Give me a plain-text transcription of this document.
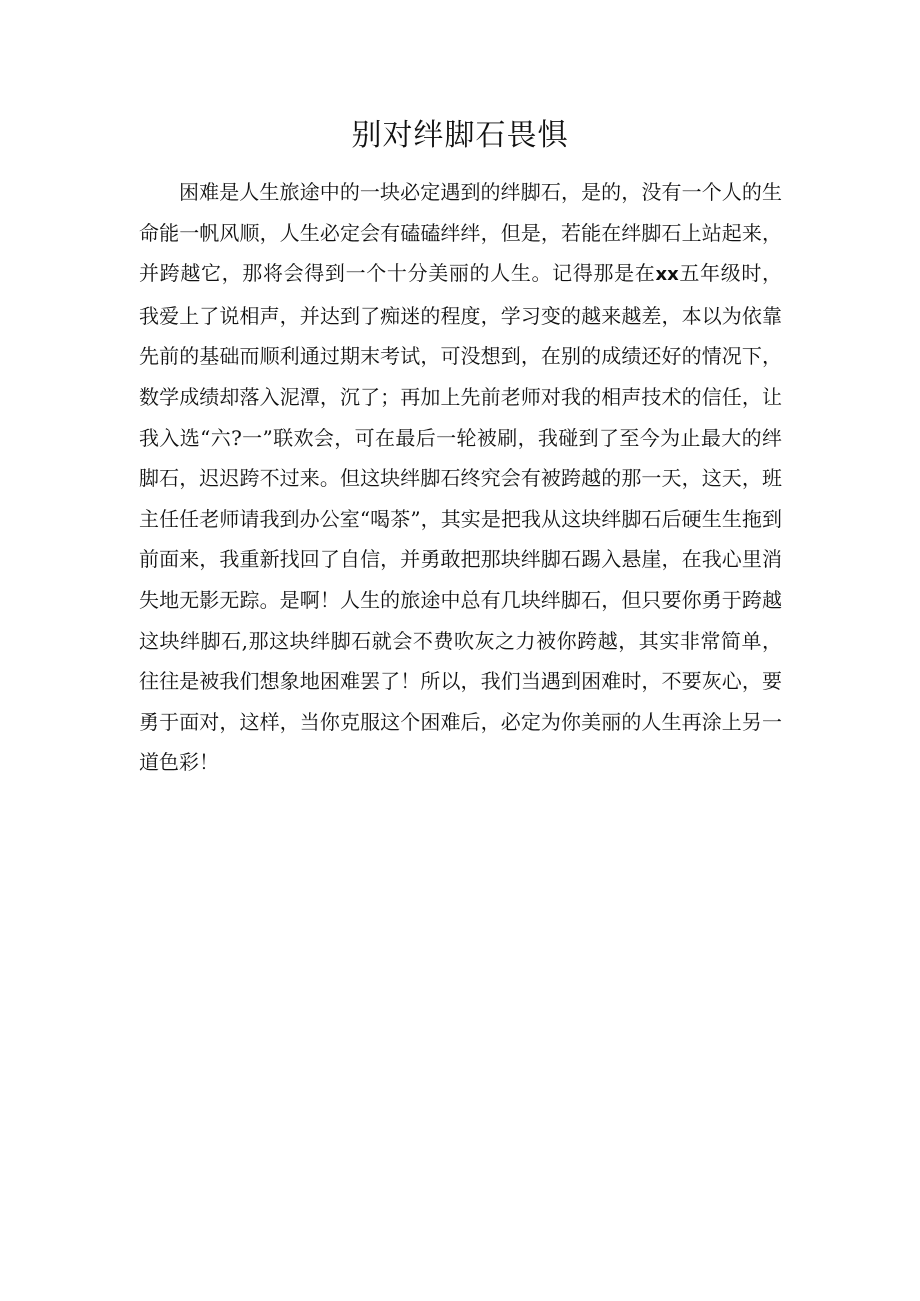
别对绊脚石畏惧

困难是人生旅途中的一块必定遇到的绊脚石，是的，没有一个人的生命能一帆风顺，人生必定会有磕磕绊绊，但是，若能在绊脚石上站起来，并跨越它，那将会得到一个十分美丽的人生。记得那是在xx五年级时，我爱上了说相声，并达到了痴迷的程度，学习变的越来越差，本以为依靠先前的基础而顺利通过期末考试，可没想到，在别的成绩还好的情况下，数学成绩却落入泥潭，沉了；再加上先前老师对我的相声技术的信任，让我入选“六?一”联欢会，可在最后一轮被刷，我碰到了至今为止最大的绊脚石，迟迟跨不过来。但这块绊脚石终究会有被跨越的那一天，这天，班主任任老师请我到办公室“喝茶”，其实是把我从这块绊脚石后硬生生拖到前面来，我重新找回了自信，并勇敢把那块绊脚石踢入悬崖，在我心里消失地无影无踪。是啊！人生的旅途中总有几块绊脚石，但只要你勇于跨越这块绊脚石,那这块绊脚石就会不费吹灰之力被你跨越，其实非常简单，往往是被我们想象地困难罢了！所以，我们当遇到困难时，不要灰心，要勇于面对，这样，当你克服这个困难后，必定为你美丽的人生再涂上另一道色彩！
